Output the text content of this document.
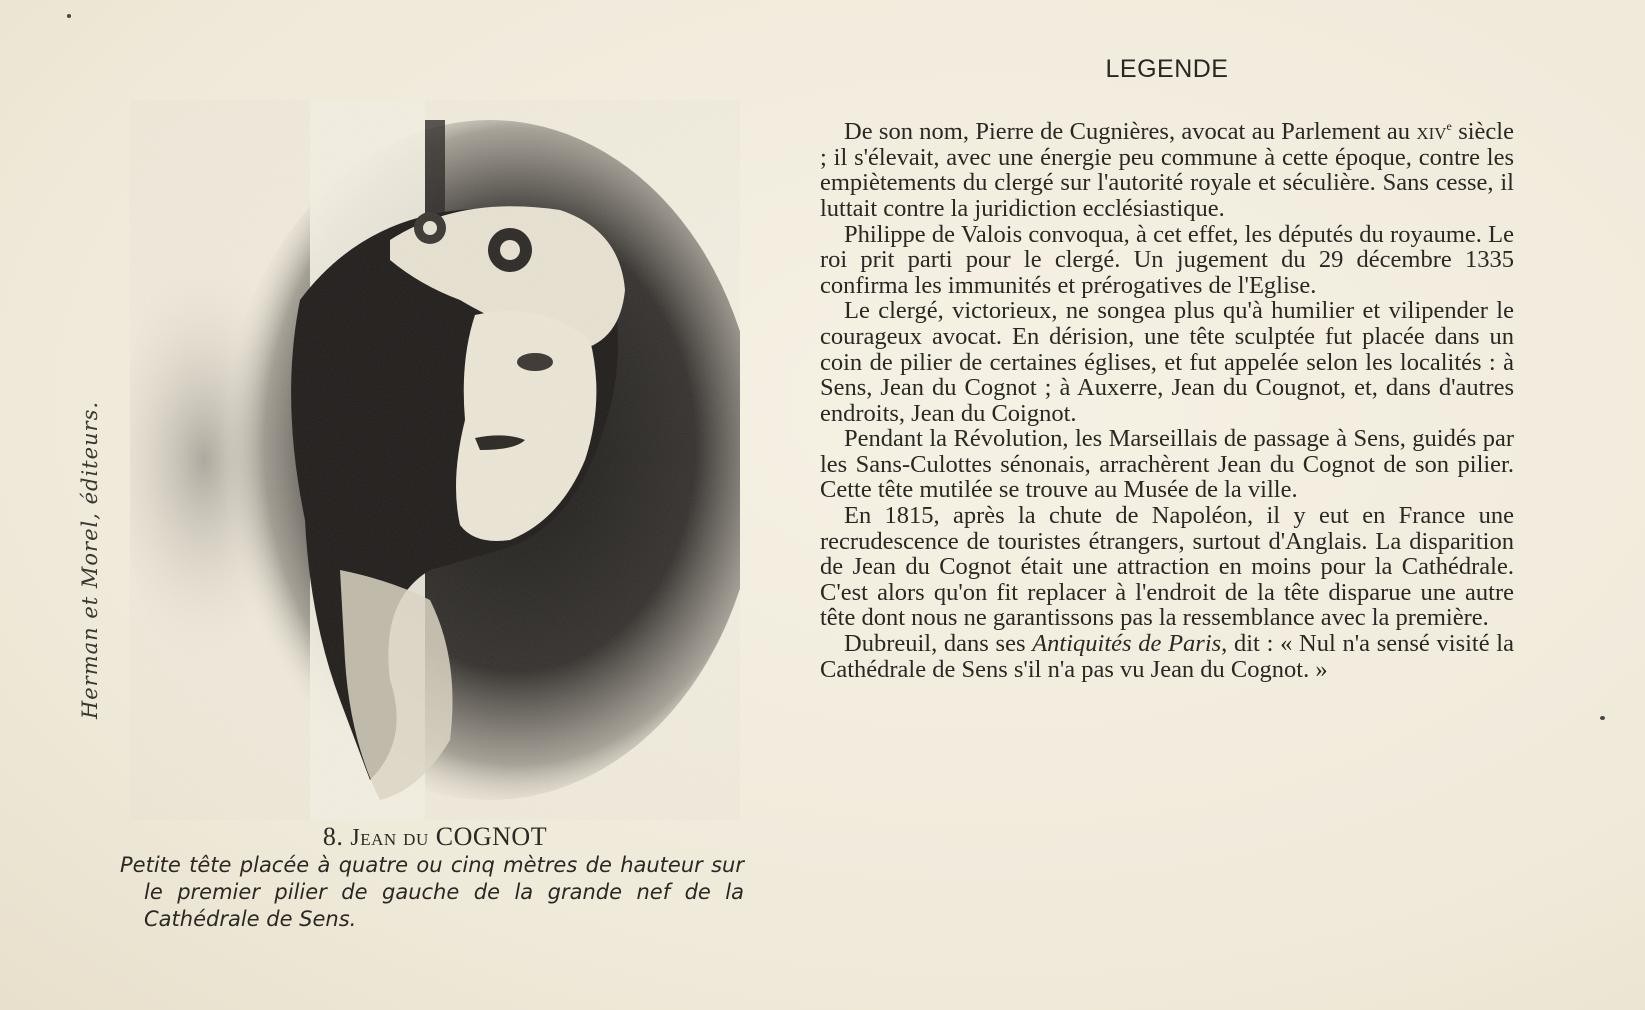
Herman et Morel, éditeurs.
8. Jean du COGNOT
Petite tête placée à quatre ou cinq mètres de hauteur sur le premier pilier de gauche de la grande nef de la Cathédrale de Sens.
LEGENDE

De son nom, Pierre de Cugnières, avocat au Parlement au xiv$^e$ siècle ; il s'élevait, avec une énergie peu commune à cette époque, contre les empiètements du clergé sur l'autorité royale et séculière. Sans cesse, il luttait contre la juridiction ecclésiastique.

Philippe de Valois convoqua, à cet effet, les députés du royaume. Le roi prit parti pour le clergé. Un jugement du 29 décembre 1335 confirma les immunités et prérogatives de l'Eglise.

Le clergé, victorieux, ne songea plus qu'à humilier et vilipender le courageux avocat. En dérision, une tête sculptée fut placée dans un coin de pilier de certaines églises, et fut appelée selon les localités : à Sens, Jean du Cognot ; à Auxerre, Jean du Cougnot, et, dans d'autres endroits, Jean du Coignot.

Pendant la Révolution, les Marseillais de passage à Sens, guidés par les Sans-Culottes sénonais, arrachèrent Jean du Cognot de son pilier. Cette tête mutilée se trouve au Musée de la ville.

En 1815, après la chute de Napoléon, il y eut en France une recrudescence de touristes étrangers, surtout d'Anglais. La disparition de Jean du Cognot était une attraction en moins pour la Cathédrale. C'est alors qu'on fit replacer à l'endroit de la tête disparue une autre tête dont nous ne garantissons pas la ressemblance avec la première.

Dubreuil, dans ses Antiquités de Paris, dit : « Nul n'a sensé visité la Cathédrale de Sens s'il n'a pas vu Jean du Cognot. »
